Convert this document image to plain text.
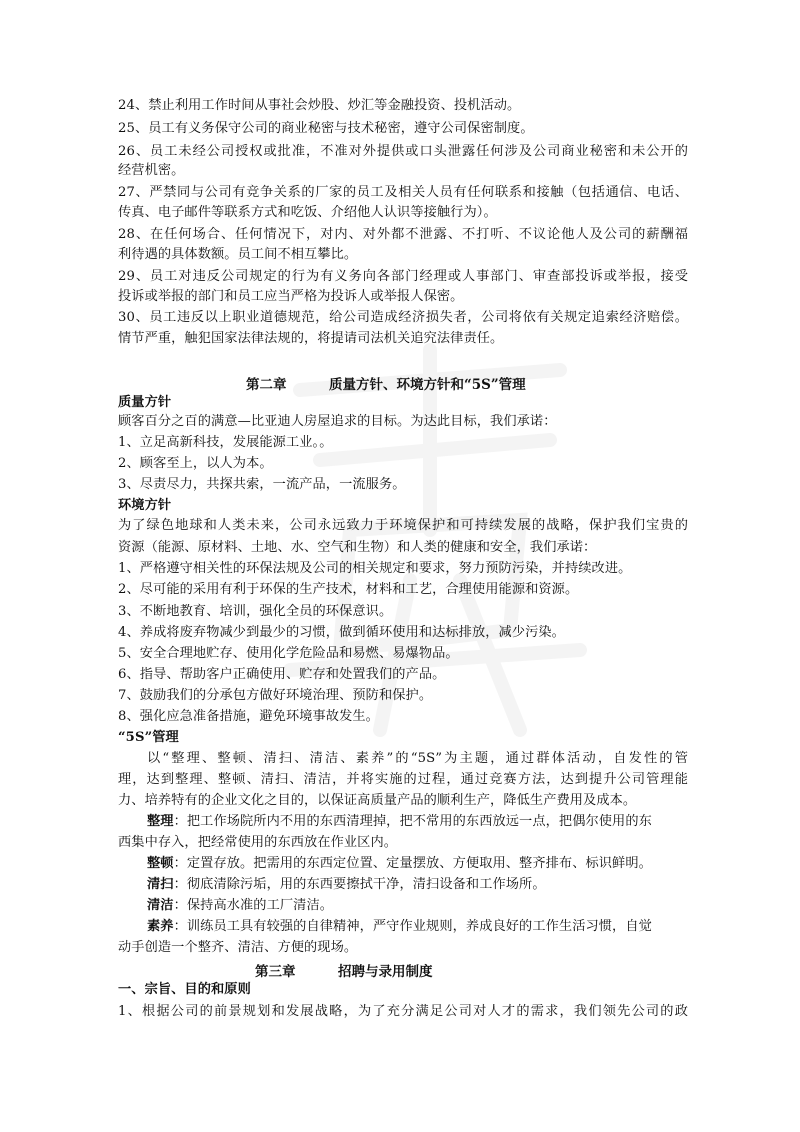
24、禁止利用工作时间从事社会炒股、炒汇等金融投资、投机活动。
25、员工有义务保守公司的商业秘密与技术秘密，遵守公司保密制度。
26、员工未经公司授权或批准，不准对外提供或口头泄露任何涉及公司商业秘密和未公开的
经营机密。
27、严禁同与公司有竞争关系的厂家的员工及相关人员有任何联系和接触（包括通信、电话、
传真、电子邮件等联系方式和吃饭、介绍他人认识等接触行为）。
28、在任何场合、任何情况下，对内、对外都不泄露、不打听、不议论他人及公司的薪酬福
利待遇的具体数额。员工间不相互攀比。
29、员工对违反公司规定的行为有义务向各部门经理或人事部门、审查部投诉或举报，接受
投诉或举报的部门和员工应当严格为投诉人或举报人保密。
30、员工违反以上职业道德规范，给公司造成经济损失者，公司将依有关规定追索经济赔偿。
情节严重，触犯国家法律法规的，将提请司法机关追究法律责任。
第二章	质量方针、环境方针和“5S”管理
质量方针
顾客百分之百的满意—比亚迪人房屋追求的目标。为达此目标，我们承诺：
1、立足高新科技，发展能源工业。。
2、顾客至上，以人为本。
3、尽责尽力，共探共索，一流产品，一流服务。
环境方针
为了绿色地球和人类未来，公司永远致力于环境保护和可持续发展的战略，保护我们宝贵的
资源（能源、原材料、土地、水、空气和生物）和人类的健康和安全，我们承诺：
1、严格遵守相关性的环保法规及公司的相关规定和要求，努力预防污染，并持续改进。
2、尽可能的采用有利于环保的生产技术，材料和工艺，合理使用能源和资源。
3、不断地教育、培训，强化全员的环保意识。
4、养成将废弃物减少到最少的习惯，做到循环使用和达标排放，减少污染。
5、安全合理地贮存、使用化学危险品和易燃、易爆物品。
6、指导、帮助客户正确使用、贮存和处置我们的产品。
7、鼓励我们的分承包方做好环境治理、预防和保护。
8、强化应急准备措施，避免环境事故发生。
“5S”管理
以“整理、整顿、清扫、清洁、素养”的“5S”为主题，通过群体活动，自发性的管
理，达到整理、整顿、清扫、清洁，并将实施的过程，通过竞赛方法，达到提升公司管理能
力、培养特有的企业文化之目的，以保证高质量产品的顺利生产，降低生产费用及成本。
整理：把工作场院所内不用的东西清理掉，把不常用的东西放远一点，把偶尔使用的东
西集中存入，把经常使用的东西放在作业区内。
整顿：定置存放。把需用的东西定位置、定量摆放、方便取用、整齐排布、标识鲜明。
清扫：彻底清除污垢，用的东西要擦拭干净，清扫设备和工作场所。
清洁：保持高水准的工厂清洁。
素养：训练员工具有较强的自律精神，严守作业规则，养成良好的工作生活习惯，自觉
动手创造一个整齐、清洁、方便的现场。
第三章	招聘与录用制度
一、宗旨、目的和原则
1、根据公司的前景规划和发展战略，为了充分满足公司对人才的需求，我们领先公司的政
